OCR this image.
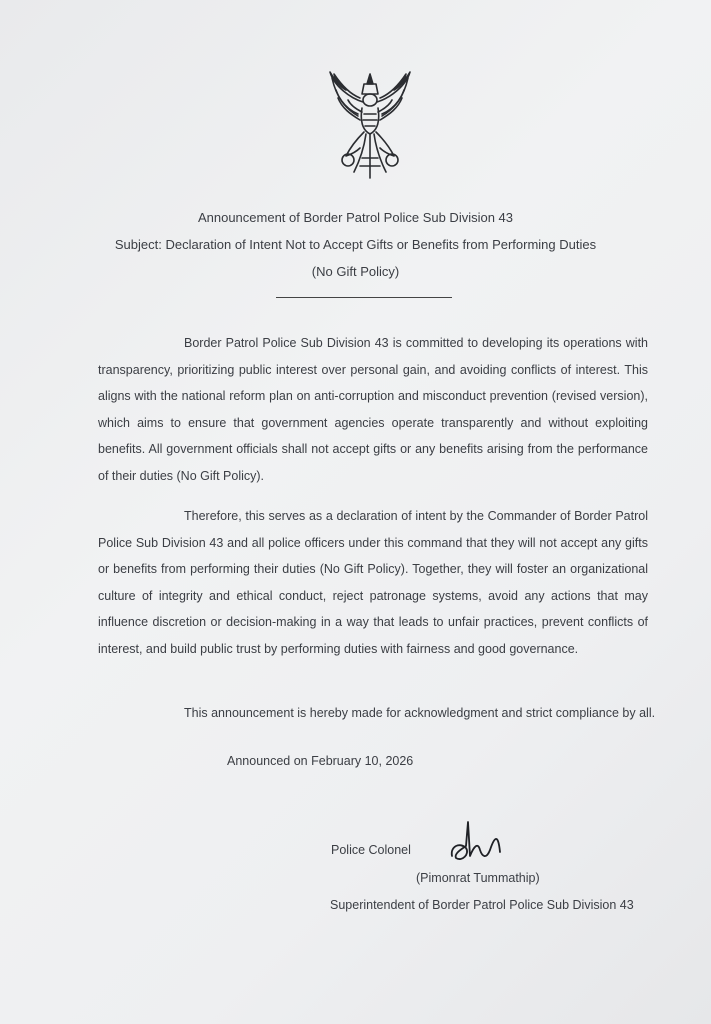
Announcement of Border Patrol Police Sub Division 43
Subject: Declaration of Intent Not to Accept Gifts or Benefits from Performing Duties
(No Gift Policy)

Border Patrol Police Sub Division 43 is committed to developing its operations with transparency, prioritizing public interest over personal gain, and avoiding conflicts of interest. This aligns with the national reform plan on anti-corruption and misconduct prevention (revised version), which aims to ensure that government agencies operate transparently and without exploiting benefits. All government officials shall not accept gifts or any benefits arising from the performance of their duties (No Gift Policy).

Therefore, this serves as a declaration of intent by the Commander of Border Patrol Police Sub Division 43 and all police officers under this command that they will not accept any gifts or benefits from performing their duties (No Gift Policy). Together, they will foster an organizational culture of integrity and ethical conduct, reject patronage systems, avoid any actions that may influence discretion or decision-making in a way that leads to unfair practices, prevent conflicts of interest, and build public trust by performing duties with fairness and good governance.

This announcement is hereby made for acknowledgment and strict compliance by all.
Announced on February 10, 2026
Police Colonel
(Pimonrat Tummathip)
Superintendent of Border Patrol Police Sub Division 43
